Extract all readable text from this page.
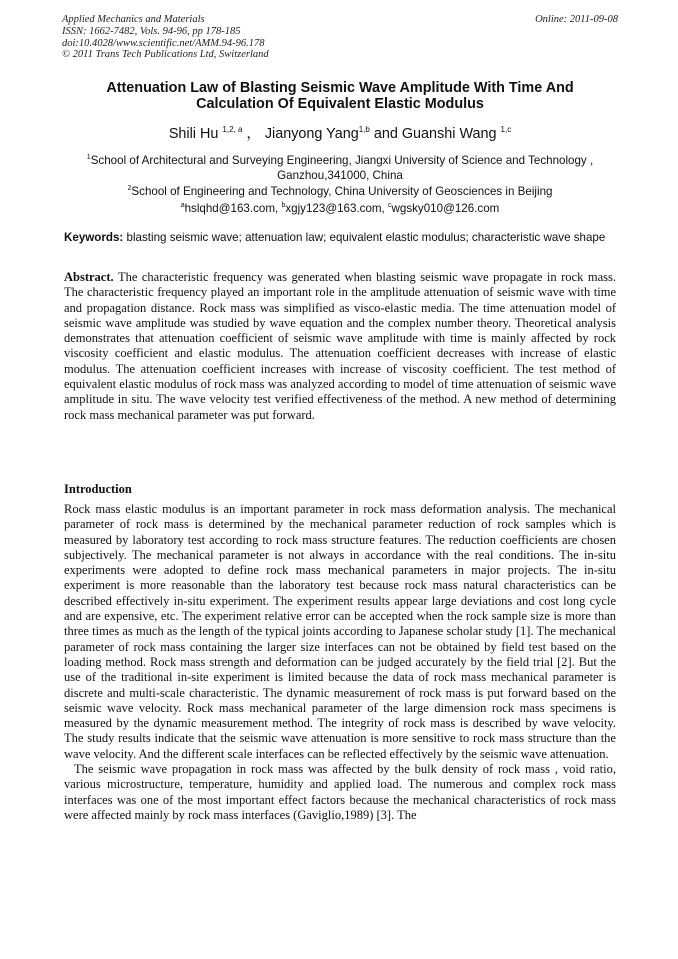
Applied Mechanics and Materials
ISSN: 1662-7482, Vols. 94-96, pp 178-185
doi:10.4028/www.scientific.net/AMM.94-96.178
© 2011 Trans Tech Publications Ltd, Switzerland
Online: 2011-09-08
Attenuation Law of Blasting Seismic Wave Amplitude With Time And
Calculation Of Equivalent Elastic Modulus
Shili Hu $^{1,2, a}$ ， Jianyong Yang$^{1,b}$ and Guanshi Wang $^{1,c}$
$^1$School of Architectural and Surveying Engineering, Jiangxi University of Science and Technology ,
Ganzhou,341000, China
$^2$School of Engineering and Technology, China University of Geosciences in Beijing
$^a$hslqhd@163.com, $^b$xgjy123@163.com, $^c$wgsky010@126.com
Keywords: blasting seismic wave; attenuation law; equivalent elastic modulus; characteristic wave shape
Abstract. The characteristic frequency was generated when blasting seismic wave propagate in rock mass. The characteristic frequency played an important role in the amplitude attenuation of seismic wave with time and propagation distance. Rock mass was simplified as visco-elastic media. The time attenuation model of seismic wave amplitude was studied by wave equation and the complex number theory. Theoretical analysis demonstrates that attenuation coefficient of seismic wave amplitude with time is mainly affected by rock viscosity coefficient and elastic modulus. The attenuation coefficient decreases with increase of elastic modulus. The attenuation coefficient increases with increase of viscosity coefficient. The test method of equivalent elastic modulus of rock mass was analyzed according to model of time attenuation of seismic wave amplitude in situ. The wave velocity test verified effectiveness of the method. A new method of determining rock mass mechanical parameter was put forward.
Introduction
Rock mass elastic modulus is an important parameter in rock mass deformation analysis. The mechanical parameter of rock mass is determined by the mechanical parameter reduction of rock samples which is measured by laboratory test according to rock mass structure features. The reduction coefficients are chosen subjectively. The mechanical parameter is not always in accordance with the real conditions. The in-situ experiments were adopted to define rock mass mechanical parameters in major projects. The in-situ experiment is more reasonable than the laboratory test because rock mass natural characteristics can be described effectively in-situ experiment. The experiment results appear large deviations and cost long cycle and are expensive, etc. The experiment relative error can be accepted when the rock sample size is more than three times as much as the length of the typical joints according to Japanese scholar study [1]. The mechanical parameter of rock mass containing the larger size interfaces can not be obtained by field test based on the loading method. Rock mass strength and deformation can be judged accurately by the field trial [2]. But the use of the traditional in-site experiment is limited because the data of rock mass mechanical parameter is discrete and multi-scale characteristic. The dynamic measurement of rock mass is put forward based on the seismic wave velocity. Rock mass mechanical parameter of the large dimension rock mass specimens is measured by the dynamic measurement method. The integrity of rock mass is described by wave velocity. The study results indicate that the seismic wave attenuation is more sensitive to rock mass structure than the wave velocity. And the different scale interfaces can be reflected effectively by the seismic wave attenuation.
The seismic wave propagation in rock mass was affected by the bulk density of rock mass , void ratio, various microstructure, temperature, humidity and applied load. The numerous and complex rock mass interfaces was one of the most important effect factors because the mechanical characteristics of rock mass were affected mainly by rock mass interfaces (Gaviglio,1989) [3]. The
